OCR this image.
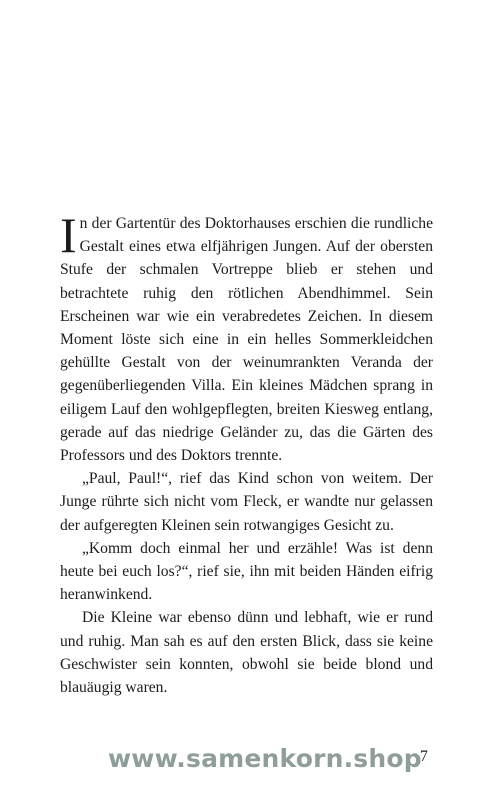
In der Gartentür des Doktorhauses erschien die rundliche Gestalt eines etwa elfjährigen Jungen. Auf der obersten Stufe der schmalen Vortreppe blieb er stehen und betrachtete ruhig den rötlichen Abendhimmel. Sein Erscheinen war wie ein verabredetes Zeichen. In diesem Moment löste sich eine in ein helles Sommerkleidchen gehüllte Gestalt von der weinumrankten Veranda der gegenüberliegenden Villa. Ein kleines Mädchen sprang in eiligem Lauf den wohlgepflegten, breiten Kiesweg entlang, gerade auf das niedrige Geländer zu, das die Gärten des Professors und des Doktors trennte.

„Paul, Paul!“, rief das Kind schon von weitem. Der Junge rührte sich nicht vom Fleck, er wandte nur gelassen der aufgeregten Kleinen sein rotwangiges Gesicht zu.

„Komm doch einmal her und erzähle! Was ist denn heute bei euch los?“, rief sie, ihn mit beiden Händen eifrig heranwinkend.

Die Kleine war ebenso dünn und lebhaft, wie er rund und ruhig. Man sah es auf den ersten Blick, dass sie keine Geschwister sein konnten, obwohl sie beide blond und blauäugig waren.

www.samenkorn.shop
7
